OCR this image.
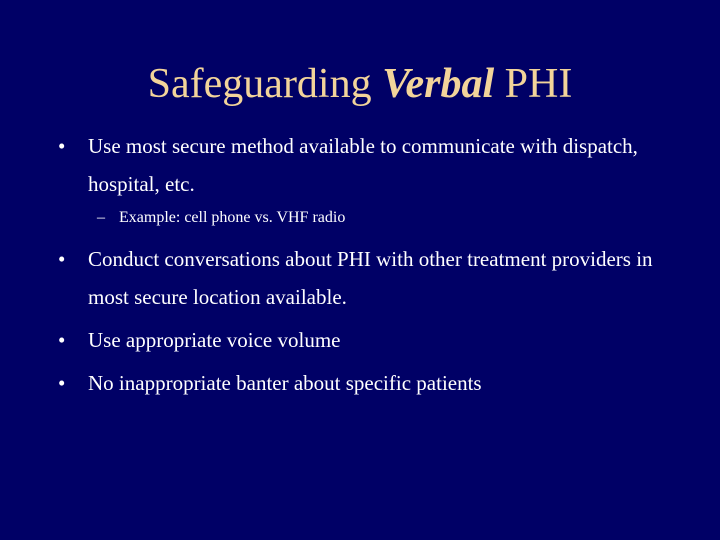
Safeguarding Verbal PHI
•	Use most secure method available to communicate with dispatch, hospital, etc.
– Example: cell phone vs. VHF radio
•	Conduct conversations about PHI with other treatment providers in most secure location available.
•	Use appropriate voice volume
•	No inappropriate banter about specific patients
